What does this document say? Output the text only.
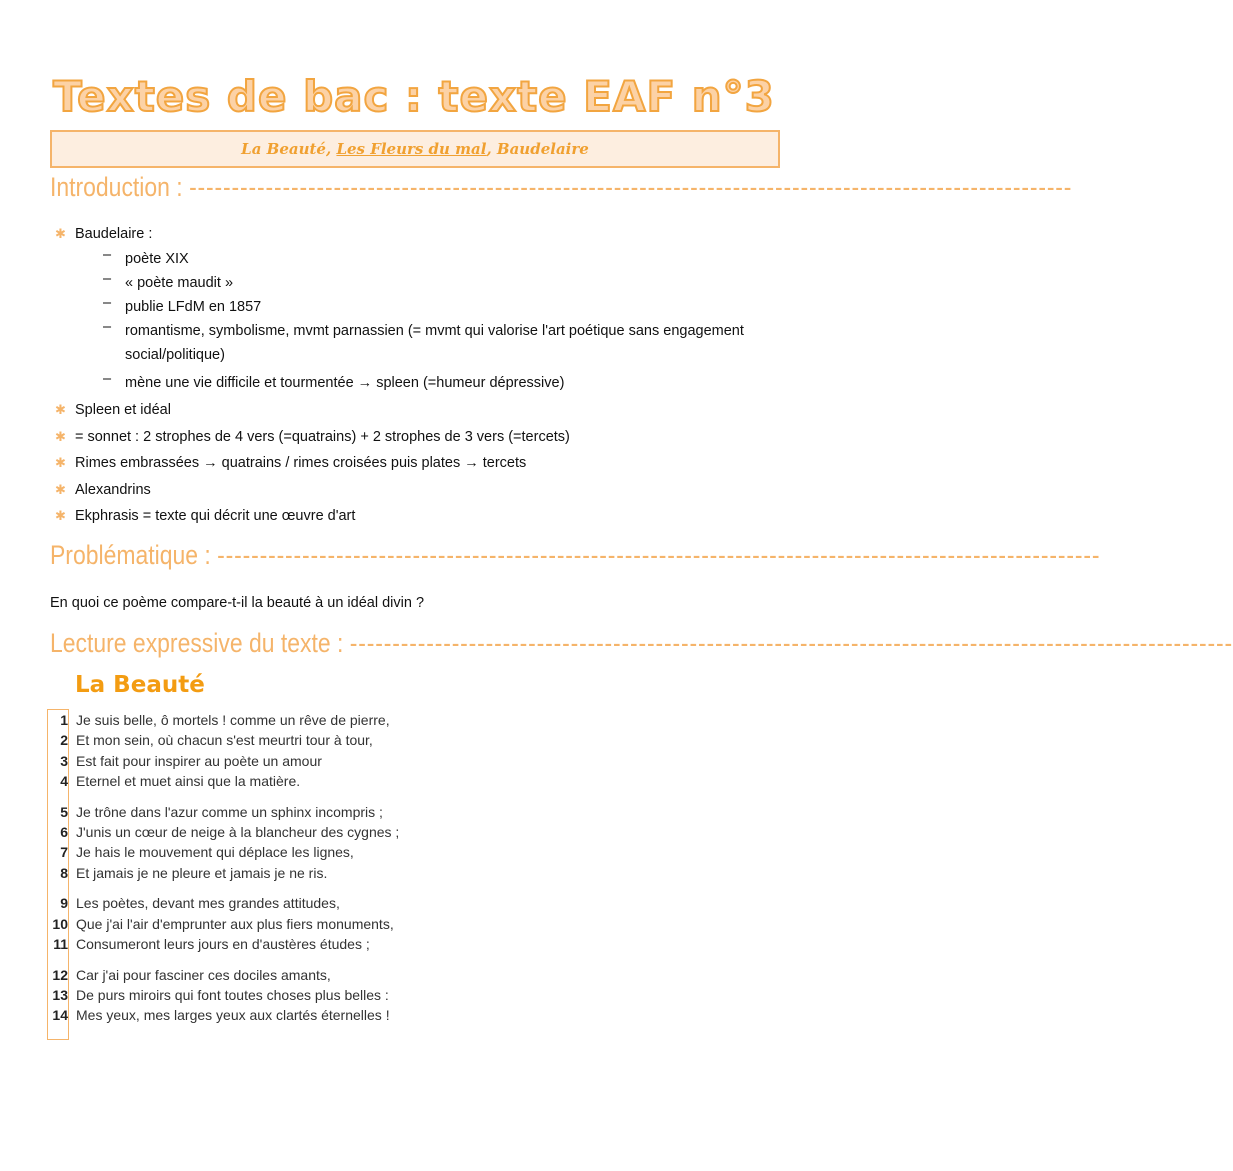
Textes de bac : texte EAF n°3
La Beauté, Les Fleurs du mal, Baudelaire
Introduction : --------------------------------------------------------------------------------------------------------
✱ Baudelaire :
– poète XIX
– « poète maudit »
– publie LFdM en 1857
– romantisme, symbolisme, mvmt parnassien (= mvmt qui valorise l'art poétique sans engagement social/politique)
– mène une vie difficile et tourmentée → spleen (=humeur dépressive)
✱ Spleen et idéal
✱ = sonnet : 2 strophes de 4 vers (=quatrains) + 2 strophes de 3 vers (=tercets)
✱ Rimes embrassées → quatrains / rimes croisées puis plates → tercets
✱ Alexandrins
✱ Ekphrasis = texte qui décrit une œuvre d'art
Problématique : --------------------------------------------------------------------------------------------------------
En quoi ce poème compare-t-il la beauté à un idéal divin ?
Lecture expressive du texte : --------------------------------------------------------------------------------------------------------
La Beauté
1 Je suis belle, ô mortels ! comme un rêve de pierre,
2 Et mon sein, où chacun s'est meurtri tour à tour,
3 Est fait pour inspirer au poète un amour
4 Eternel et muet ainsi que la matière.
5 Je trône dans l'azur comme un sphinx incompris ;
6 J'unis un cœur de neige à la blancheur des cygnes ;
7 Je hais le mouvement qui déplace les lignes,
8 Et jamais je ne pleure et jamais je ne ris.
9 Les poètes, devant mes grandes attitudes,
10 Que j'ai l'air d'emprunter aux plus fiers monuments,
11 Consumeront leurs jours en d'austères études ;
12 Car j'ai pour fasciner ces dociles amants,
13 De purs miroirs qui font toutes choses plus belles :
14 Mes yeux, mes larges yeux aux clartés éternelles !
